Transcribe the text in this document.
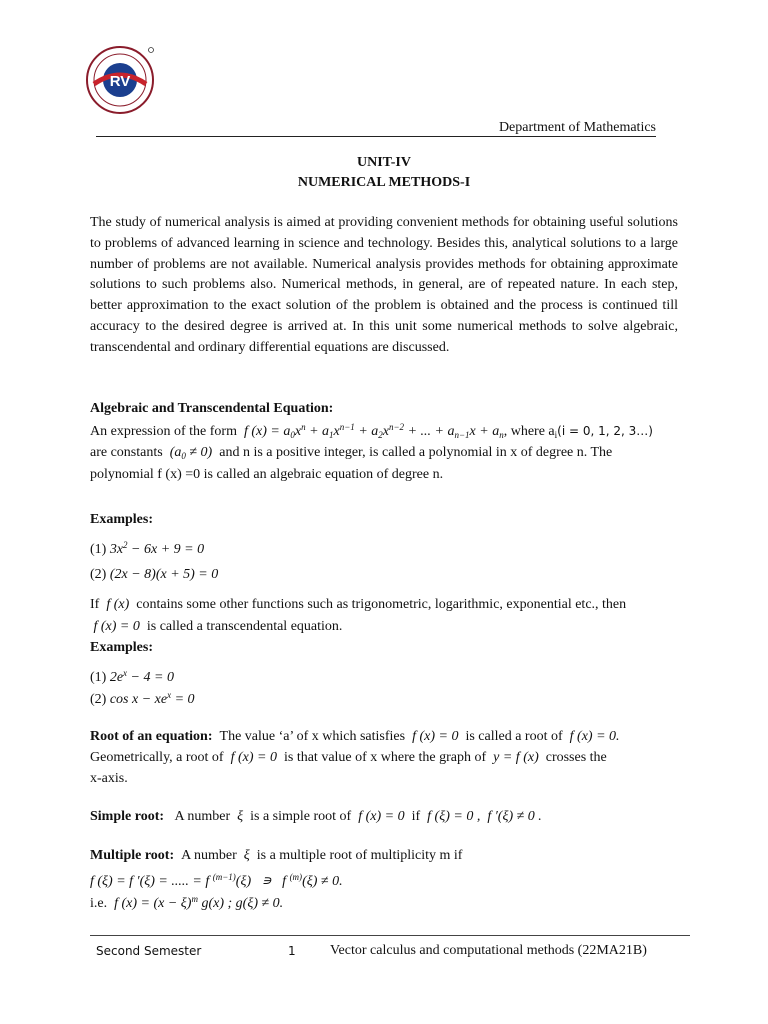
RV
Department of Mathematics
UNIT-IV
NUMERICAL METHODS-I
The study of numerical analysis is aimed at providing convenient methods for obtaining useful solutions to problems of advanced learning in science and technology. Besides this, analytical solutions to a large number of problems are not available. Numerical analysis provides methods for obtaining approximate solutions to such problems also. Numerical methods, in general, are of repeated nature. In each step, better approximation to the exact solution of the problem is obtained and the process is continued till accuracy to the desired degree is arrived at. In this unit some numerical methods to solve algebraic, transcendental and ordinary differential equations are discussed.
Algebraic and Transcendental Equation:
An expression of the form  f $(x) = a_0x^n + a_1x^{n-1} + a_2x^{n-2}$ + ... + $a_{n-1}x + a_n$, where $a_i(i = 0$, 1, 2, 3…)
are constants  $(a_0 \ne 0)$  and n is a positive integer, is called a polynomial in x of degree n. The
polynomial f (x) =0 is called an algebraic equation of degree n.
Examples:
(1) $3x^2 - 6x + 9 = 0$
(2) (2x − 8)(x + 5) = 0
If  f (x)  contains some other functions such as trigonometric, logarithmic, exponential etc., then
f (x) = 0  is called a transcendental equation.
Examples:
(1) $2e^x - 4 = 0$
(2) $\cos x - xe^x = 0$
Root of an equation: The value ‘a’ of x which satisfies  f (x) = 0  is called a root of  f (x) = 0.
Geometrically, a root of  f (x) = 0  is that value of x where the graph of  y = f (x)  crosses the
x-axis.
Simple root: A number  ξ  is a simple root of  f (x) = 0  if  f (ξ) = 0 ,  f ′(ξ) ≠ 0 .
Multiple root: A number  ξ  is a multiple root of multiplicity m if
f (ξ) = f ′(ξ) = ..... = f $^{(m-1)}$(ξ)   ∍   f $^{(m)}$(ξ) ≠ 0.
i.e.  f $(x) = (x - \xi)^m$ g(x) ; g(ξ) ≠ 0.
Second Semester	1 Vector calculus and computational methods (22MA21B)
